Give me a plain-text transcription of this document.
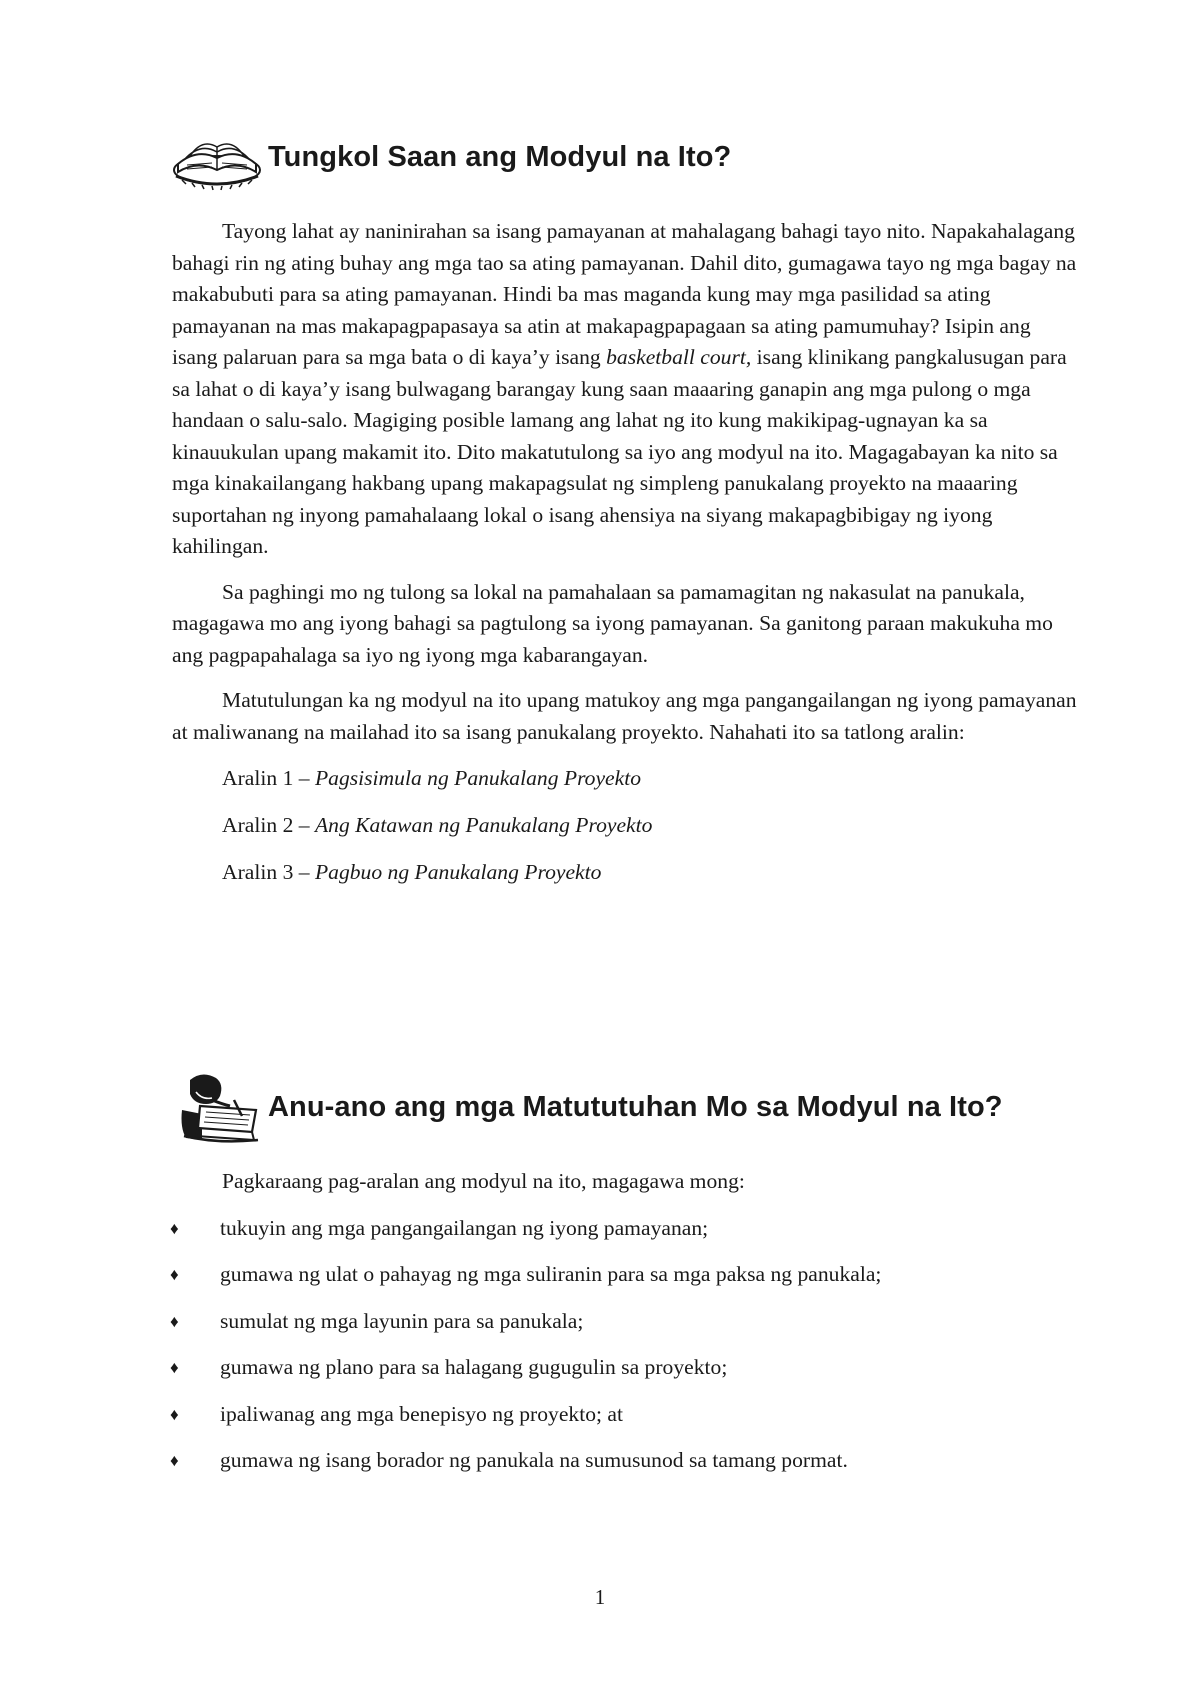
Tungkol Saan ang Modyul na Ito?

Tayong lahat ay naninirahan sa isang pamayanan at mahalagang bahagi tayo nito. Napakahalagang bahagi rin ng ating buhay ang mga tao sa ating pamayanan. Dahil dito, gumagawa tayo ng mga bagay na makabubuti para sa ating pamayanan. Hindi ba mas maganda kung may mga pasilidad sa ating pamayanan na mas makapagpapasaya sa atin at makapagpapagaan sa ating pamumuhay? Isipin ang isang palaruan para sa mga bata o di kaya’y isang basketball court, isang klinikang pangkalusugan para sa lahat o di kaya’y isang bulwagang barangay kung saan maaaring ganapin ang mga pulong o mga handaan o salu-salo. Magiging posible lamang ang lahat ng ito kung makikipag-ugnayan ka sa kinauukulan upang makamit ito. Dito makatutulong sa iyo ang modyul na ito. Magagabayan ka nito sa mga kinakailangang hakbang upang makapagsulat ng simpleng panukalang proyekto na maaaring suportahan ng inyong pamahalaang lokal o isang ahensiya na siyang makapagbibigay ng iyong kahilingan.

Sa paghingi mo ng tulong sa lokal na pamahalaan sa pamamagitan ng nakasulat na panukala, magagawa mo ang iyong bahagi sa pagtulong sa iyong pamayanan. Sa ganitong paraan makukuha mo ang pagpapahalaga sa iyo ng iyong mga kabarangayan.

Matutulungan ka ng modyul na ito upang matukoy ang mga pangangailangan ng iyong pamayanan at maliwanang na mailahad ito sa isang panukalang proyekto. Nahahati ito sa tatlong aralin:

Aralin 1 – Pagsisimula ng Panukalang Proyekto

Aralin 2 – Ang Katawan ng Panukalang Proyekto

Aralin 3 – Pagbuo ng Panukalang Proyekto

Anu-ano ang mga Matututuhan Mo sa Modyul na Ito?

Pagkaraang pag-aralan ang modyul na ito, magagawa mong:

♦ tukuyin ang mga pangangailangan ng iyong pamayanan;
♦ gumawa ng ulat o pahayag ng mga suliranin para sa mga paksa ng panukala;
♦ sumulat ng mga layunin para sa panukala;
♦ gumawa ng plano para sa halagang gugugulin sa proyekto;
♦ ipaliwanag ang mga benepisyo ng proyekto; at
♦ gumawa ng isang borador ng panukala na sumusunod sa tamang pormat.
1
